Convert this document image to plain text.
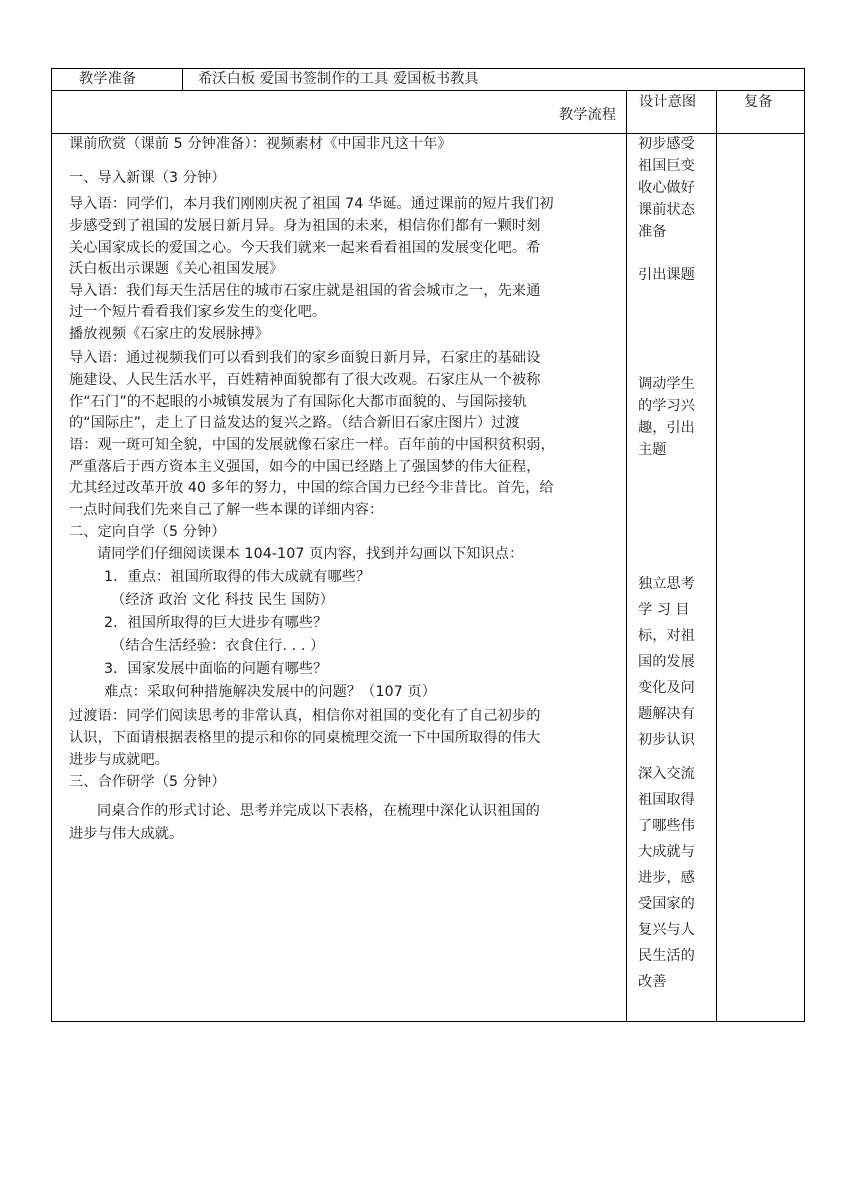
教学准备	希沃白板 爱国书签制作的工具 爱国板书教具
教学流程
设计意图	复备
课前欣赏（课前 5 分钟准备）：视频素材《中国非凡这十年》
一、导入新课（3 分钟）
导入语：同学们，本月我们刚刚庆祝了祖国 74 华诞。通过课前的短片我们初
步感受到了祖国的发展日新月异。身为祖国的未来，相信你们都有一颗时刻
关心国家成长的爱国之心。今天我们就来一起来看看祖国的发展变化吧。希
沃白板出示课题《关心祖国发展》
导入语：我们每天生活居住的城市石家庄就是祖国的省会城市之一，先来通
过一个短片看看我们家乡发生的变化吧。
播放视频《石家庄的发展脉搏》
导入语：通过视频我们可以看到我们的家乡面貌日新月异，石家庄的基础设
施建设、人民生活水平，百姓精神面貌都有了很大改观。石家庄从一个被称
作“石门”的不起眼的小城镇发展为了有国际化大都市面貌的、与国际接轨
的“国际庄”，走上了日益发达的复兴之路。（结合新旧石家庄图片）过渡
语：观一斑可知全貌，中国的发展就像石家庄一样。百年前的中国积贫积弱，
严重落后于西方资本主义强国，如今的中国已经踏上了强国梦的伟大征程，
尤其经过改革开放 40 多年的努力，中国的综合国力已经今非昔比。首先，给
一点时间我们先来自己了解一些本课的详细内容：
二、定向自学（5 分钟）
请同学们仔细阅读课本 104-107 页内容，找到并勾画以下知识点：
1．重点：祖国所取得的伟大成就有哪些？
（经济 政治 文化 科技 民生 国防）
2．祖国所取得的巨大进步有哪些？
（结合生活经验：衣食住行. . . ）
3．国家发展中面临的问题有哪些？
难点：采取何种措施解决发展中的问题？（107 页）
过渡语：同学们阅读思考的非常认真，相信你对祖国的变化有了自己初步的
认识，下面请根据表格里的提示和你的同桌梳理交流一下中国所取得的伟大
进步与成就吧。
三、合作研学（5 分钟）
同桌合作的形式讨论、思考并完成以下表格，在梳理中深化认识祖国的
进步与伟大成就。
初步感受
祖国巨变
收心做好
课前状态
准备
引出课题
调动学生
的学习兴
趣，引出
主题
独立思考
学 习 目
标，对祖
国的发展
变化及问
题解决有
初步认识
深入交流
祖国取得
了哪些伟
大成就与
进步，感
受国家的
复兴与人
民生活的
改善
